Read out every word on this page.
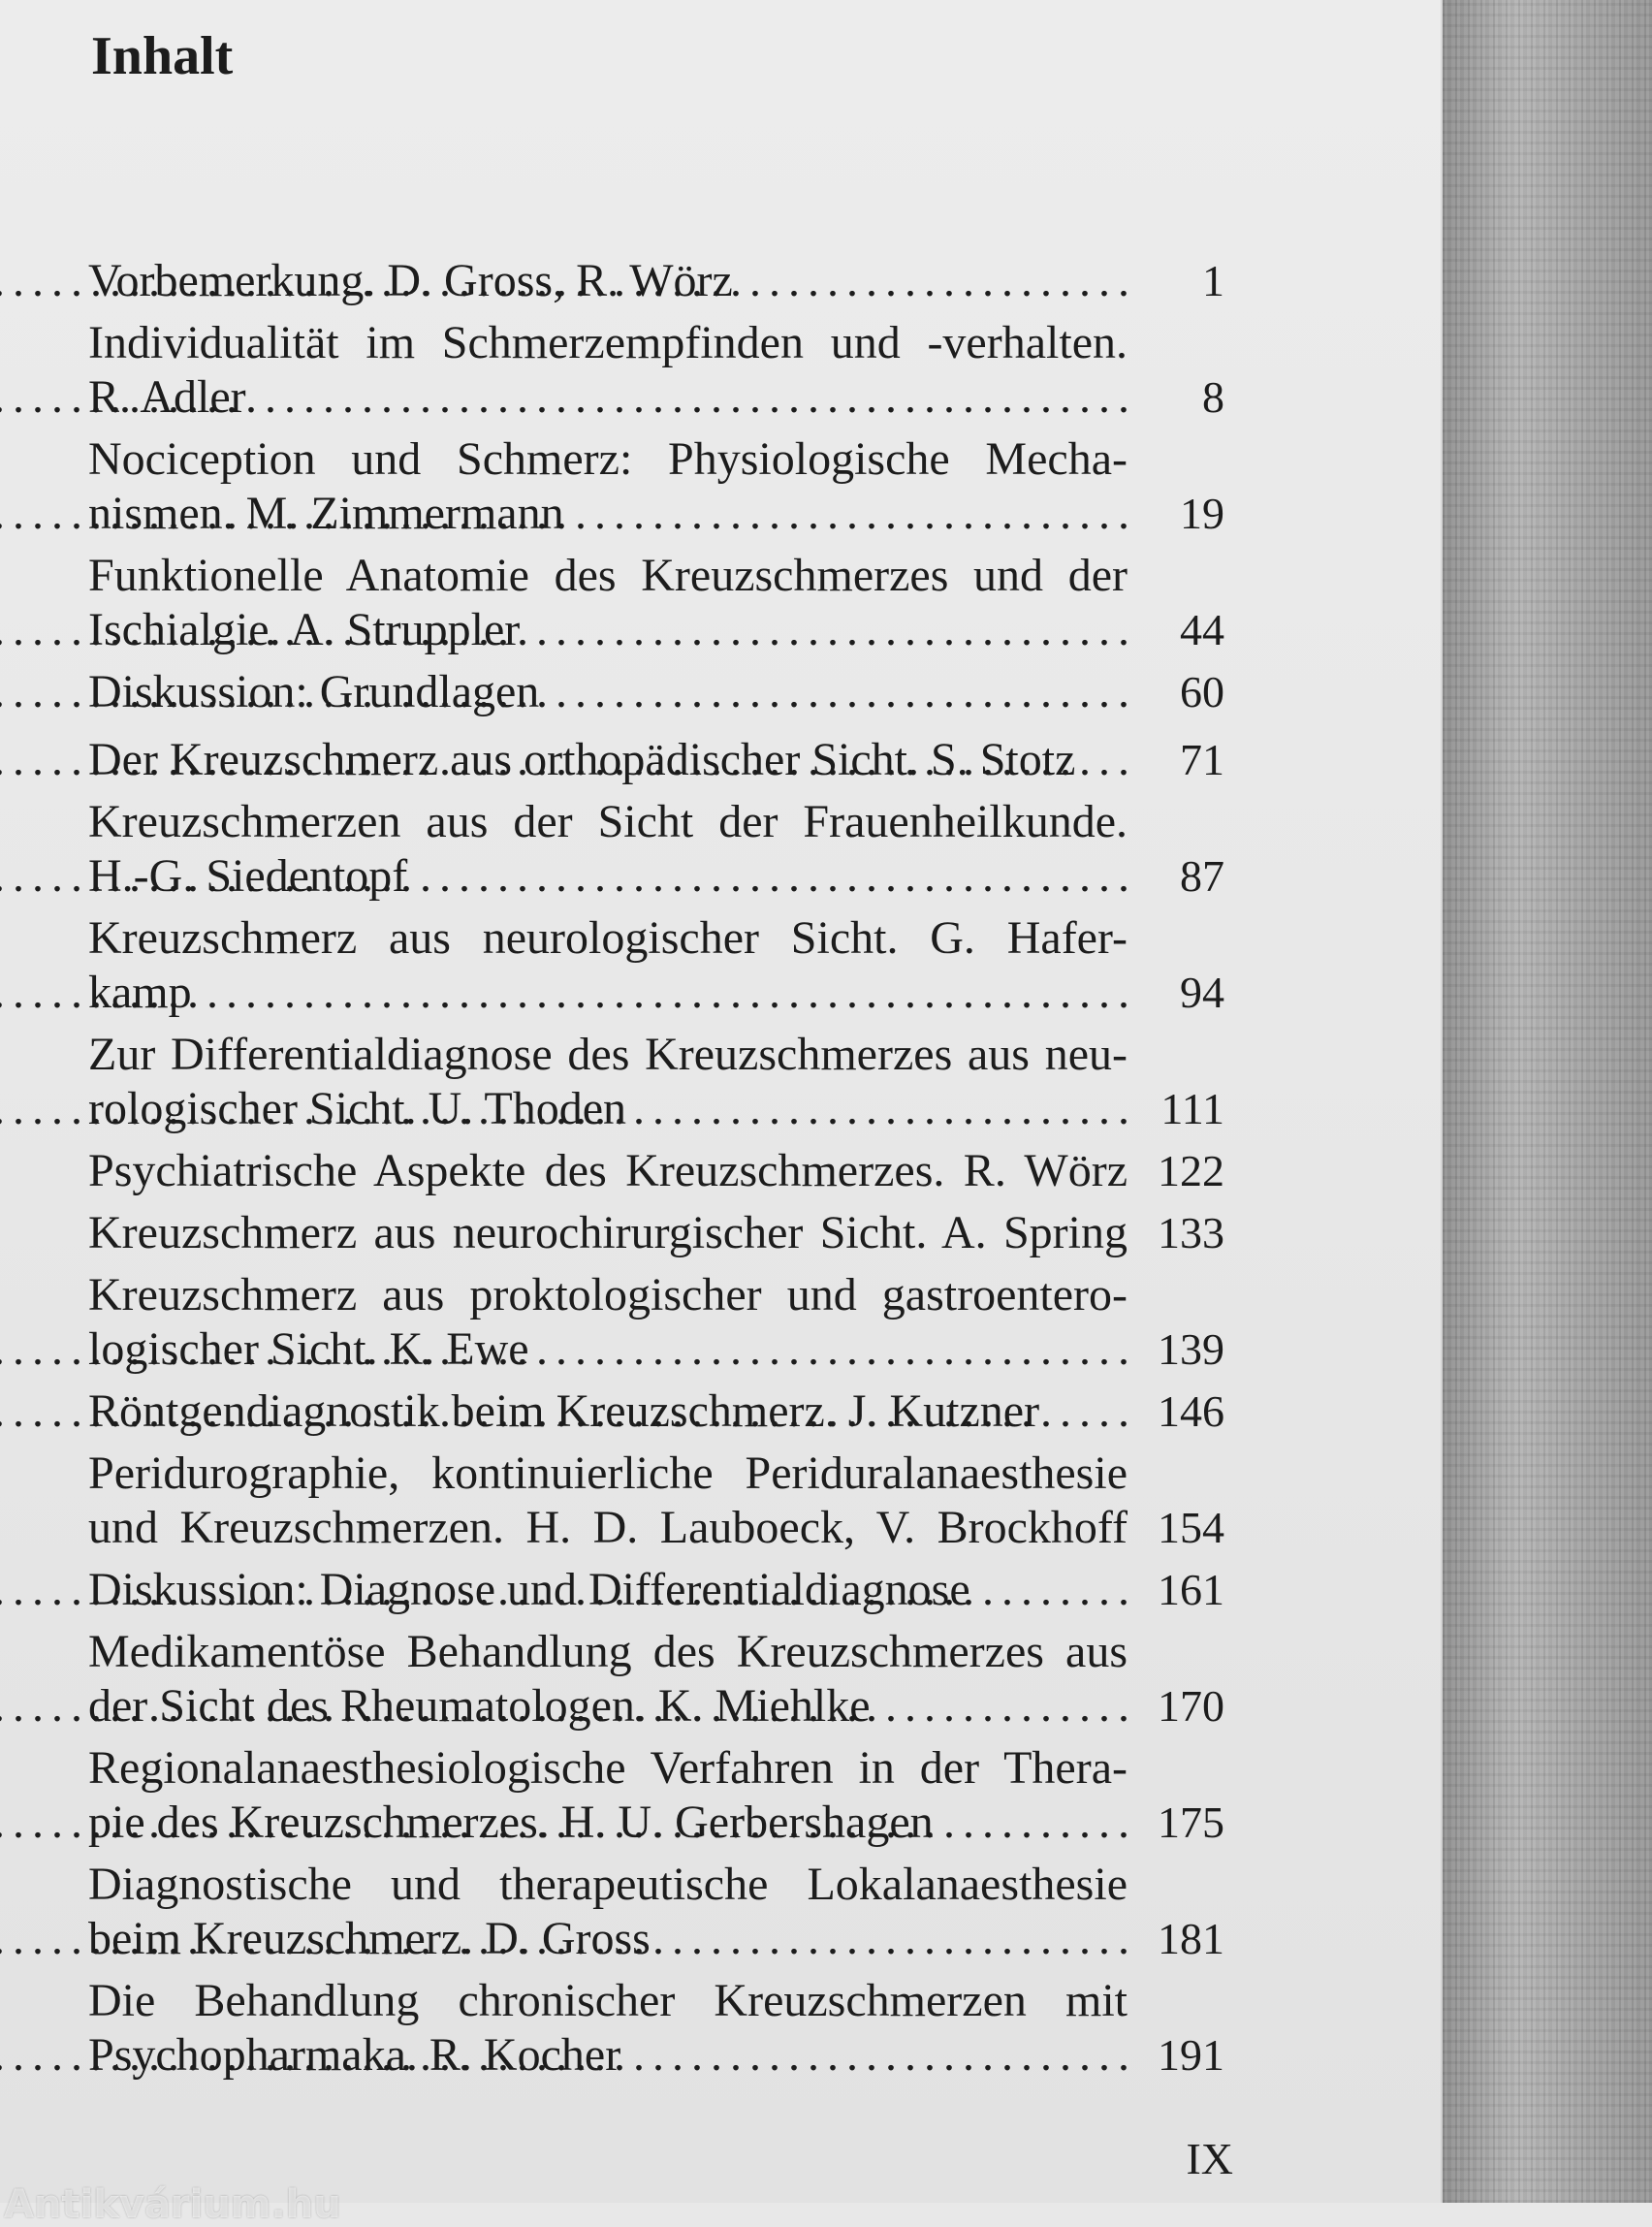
Inhalt
Vorbemerkung. D. Gross, R. Wörz . . .	1
Individualität im Schmerzempfinden und -verhalten.
R. Adler . . .	8
Nociception und Schmerz: Physiologische Mecha-
nismen. M. Zimmermann . . .	19
Funktionelle Anatomie des Kreuzschmerzes und der
Ischialgie. A. Struppler . . .	44
Diskussion: Grundlagen . . .	60
Der Kreuzschmerz aus orthopädischer Sicht. S. Stotz . . .	71
Kreuzschmerzen aus der Sicht der Frauenheilkunde.
H.-G. Siedentopf . . .	87
Kreuzschmerz aus neurologischer Sicht. G. Hafer-
kamp . . .	94
Zur Differentialdiagnose des Kreuzschmerzes aus neu-
rologischer Sicht. U. Thoden . . .	111
Psychiatrische Aspekte des Kreuzschmerzes. R. Wörz 122
Kreuzschmerz aus neurochirurgischer Sicht. A. Spring 133
Kreuzschmerz aus proktologischer und gastroentero-
logischer Sicht. K. Ewe . . .	139
Röntgendiagnostik beim Kreuzschmerz. J. Kutzner . . .	146
Peridurographie, kontinuierliche Periduralanaesthesie
und Kreuzschmerzen. H. D. Lauboeck, V. Brockhoff 154
Diskussion: Diagnose und Differentialdiagnose . . .	161
Medikamentöse Behandlung des Kreuzschmerzes aus
der Sicht des Rheumatologen. K. Miehlke . . .	170
Regionalanaesthesiologische Verfahren in der Thera-
pie des Kreuzschmerzes. H. U. Gerbershagen . . .	175
Diagnostische und therapeutische Lokalanaesthesie
beim Kreuzschmerz. D. Gross . . .	181
Die Behandlung chronischer Kreuzschmerzen mit
Psychopharmaka. R. Kocher . . .	191
IX
Antikvárium.hu
